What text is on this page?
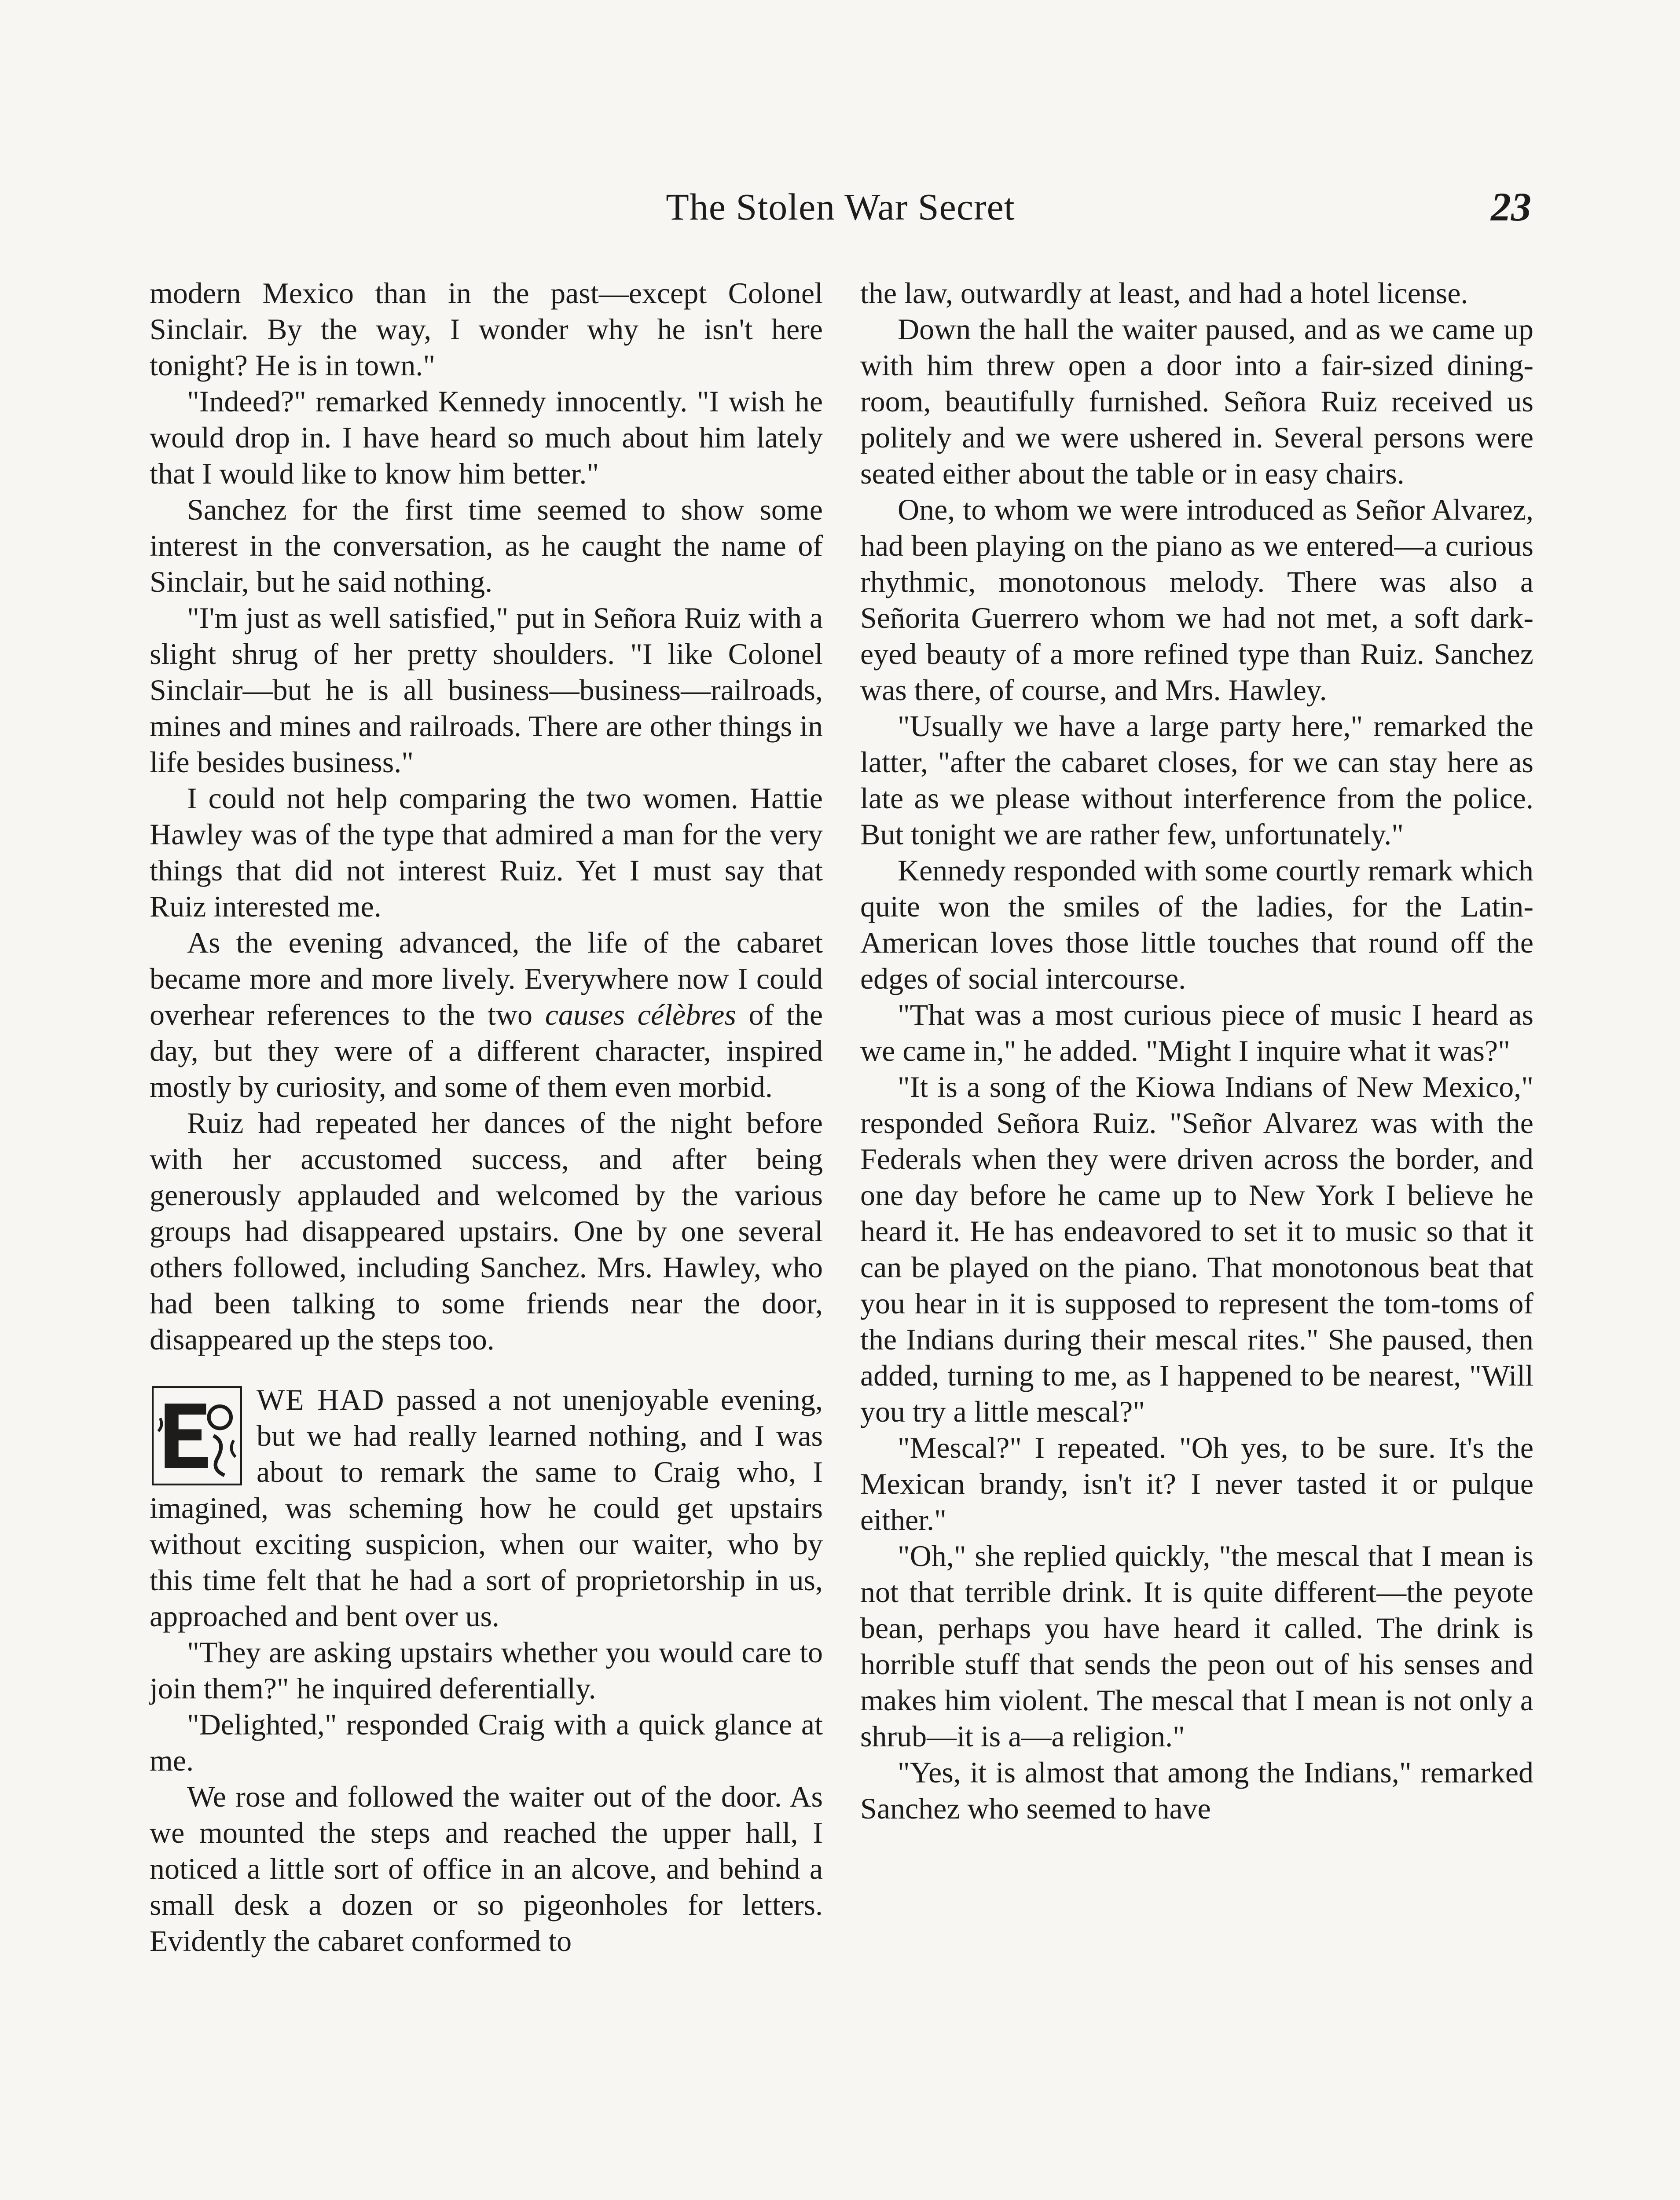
The Stolen War Secret	23

modern Mexico than in the past—except Colonel Sinclair. By the way, I wonder why he isn't here tonight? He is in town."

"Indeed?" remarked Kennedy innocently. "I wish he would drop in. I have heard so much about him lately that I would like to know him better."

Sanchez for the first time seemed to show some interest in the conversation, as he caught the name of Sinclair, but he said nothing.

"I'm just as well satisfied," put in Señora Ruiz with a slight shrug of her pretty shoulders. "I like Colonel Sinclair—but he is all business—business—railroads, mines and mines and railroads. There are other things in life besides business."

I could not help comparing the two women. Hattie Hawley was of the type that admired a man for the very things that did not interest Ruiz. Yet I must say that Ruiz interested me.

As the evening advanced, the life of the cabaret became more and more lively. Everywhere now I could overhear references to the two causes célèbres of the day, but they were of a different character, inspired mostly by curiosity, and some of them even morbid.

Ruiz had repeated her dances of the night before with her accustomed success, and after being generously applauded and welcomed by the various groups had disappeared upstairs. One by one several others followed, including Sanchez. Mrs. Hawley, who had been talking to some friends near the door, disappeared up the steps too.

WE HAD passed a not unenjoyable evening, but we had really learned nothing, and I was about to remark the same to Craig who, I imagined, was scheming how he could get upstairs without exciting suspicion, when our waiter, who by this time felt that he had a sort of proprietorship in us, approached and bent over us.

"They are asking upstairs whether you would care to join them?" he inquired deferentially.

"Delighted," responded Craig with a quick glance at me.

We rose and followed the waiter out of the door. As we mounted the steps and reached the upper hall, I noticed a little sort of office in an alcove, and behind a small desk a dozen or so pigeonholes for letters. Evidently the cabaret conformed to

the law, outwardly at least, and had a hotel license.

Down the hall the waiter paused, and as we came up with him threw open a door into a fair-sized dining-room, beautifully furnished. Señora Ruiz received us politely and we were ushered in. Several persons were seated either about the table or in easy chairs.

One, to whom we were introduced as Señor Alvarez, had been playing on the piano as we entered—a curious rhythmic, monotonous melody. There was also a Señorita Guerrero whom we had not met, a soft dark-eyed beauty of a more refined type than Ruiz. Sanchez was there, of course, and Mrs. Hawley.

"Usually we have a large party here," remarked the latter, "after the cabaret closes, for we can stay here as late as we please without interference from the police. But tonight we are rather few, unfortunately."

Kennedy responded with some courtly remark which quite won the smiles of the ladies, for the Latin-American loves those little touches that round off the edges of social intercourse.

"That was a most curious piece of music I heard as we came in," he added. "Might I inquire what it was?"

"It is a song of the Kiowa Indians of New Mexico," responded Señora Ruiz. "Señor Alvarez was with the Federals when they were driven across the border, and one day before he came up to New York I believe he heard it. He has endeavored to set it to music so that it can be played on the piano. That monotonous beat that you hear in it is supposed to represent the tom-toms of the Indians during their mescal rites." She paused, then added, turning to me, as I happened to be nearest, "Will you try a little mescal?"

"Mescal?" I repeated. "Oh yes, to be sure. It's the Mexican brandy, isn't it? I never tasted it or pulque either."

"Oh," she replied quickly, "the mescal that I mean is not that terrible drink. It is quite different—the peyote bean, perhaps you have heard it called. The drink is horrible stuff that sends the peon out of his senses and makes him violent. The mescal that I mean is not only a shrub—it is a—a religion."

"Yes, it is almost that among the Indians," remarked Sanchez who seemed to have
